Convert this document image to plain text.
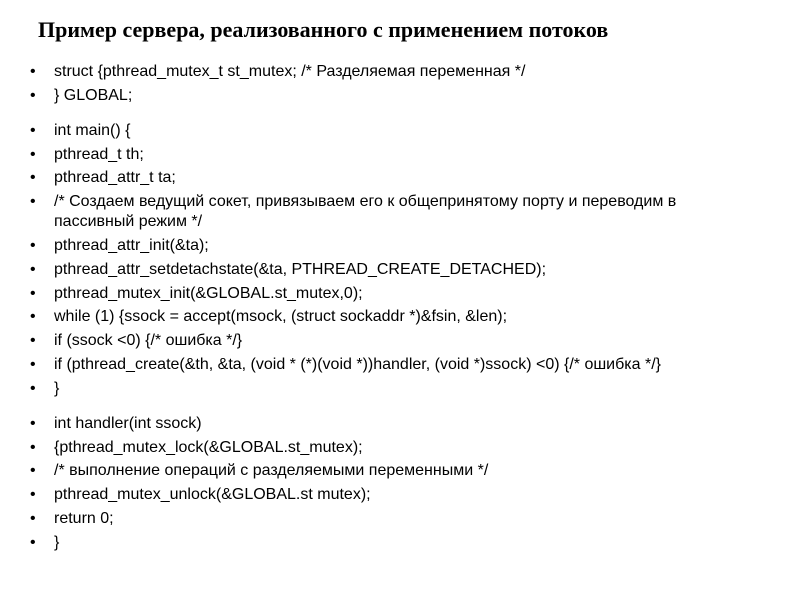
Пример сервера, реализованного с применением потоков
• struct {pthread_mutex_t st_mutex; /* Разделяемая переменная */
• } GLOBAL;
• int main() {
• pthread_t th;
• pthread_attr_t ta;
• /* Создаем ведущий сокет, привязываем его к общепринятому порту и переводим в пассивный режим */
• pthread_attr_init(&ta);
• pthread_attr_setdetachstate(&ta, PTHREAD_CREATE_DETACHED);
• pthread_mutex_init(&GLOBAL.st_mutex,0);
• while (1) {ssock = accept(msock, (struct sockaddr *)&fsin, &len);
• if (ssock <0) {/* ошибка */}
• if (pthread_create(&th, &ta, (void * (*)(void *))handler, (void *)ssock) <0) {/* ошибка */}
• }
• int handler(int ssock)
• {pthread_mutex_lock(&GLOBAL.st_mutex);
• /* выполнение операций с разделяемыми переменными */
• pthread_mutex_unlock(&GLOBAL.st mutex);
• return 0;
• }
